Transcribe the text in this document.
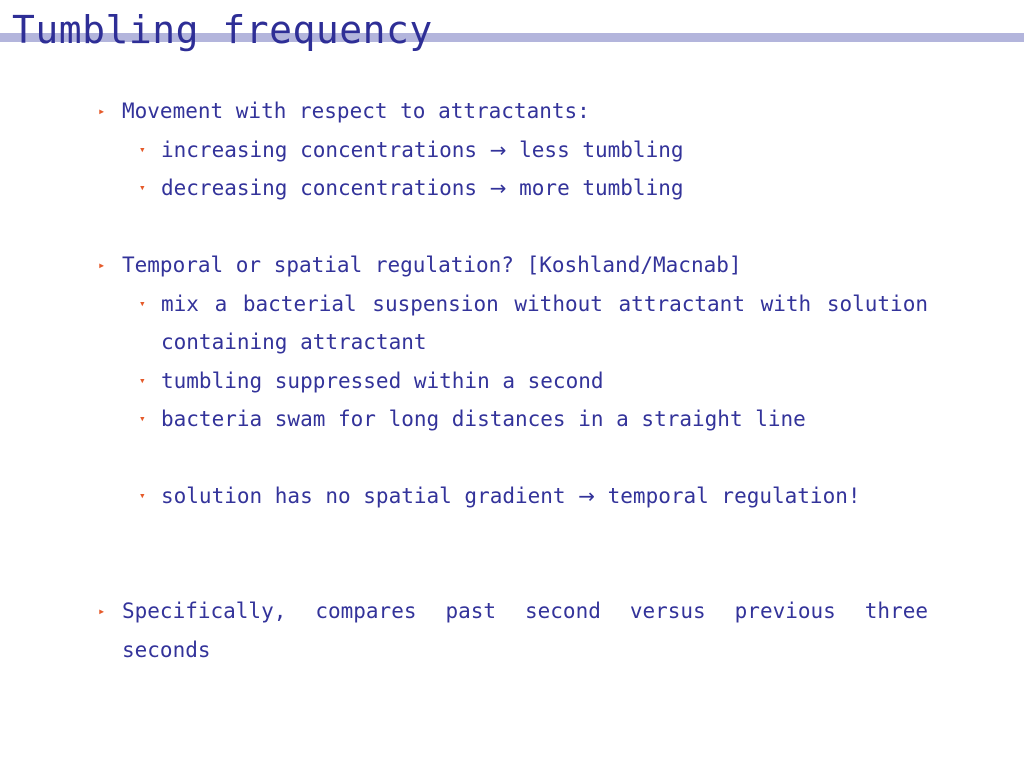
Tumbling frequency
▸ Movement with respect to attractants:
▾ increasing concentrations → less tumbling
▾ decreasing concentrations → more tumbling
▸ Temporal or spatial regulation? [Koshland/Macnab]
▾ mix a bacterial suspension without attractant with solution containing attractant
▾ tumbling suppressed within a second
▾ bacteria swam for long distances in a straight line
▾ solution has no spatial gradient → temporal regulation!
▸ Specifically, compares past second versus previous three seconds
